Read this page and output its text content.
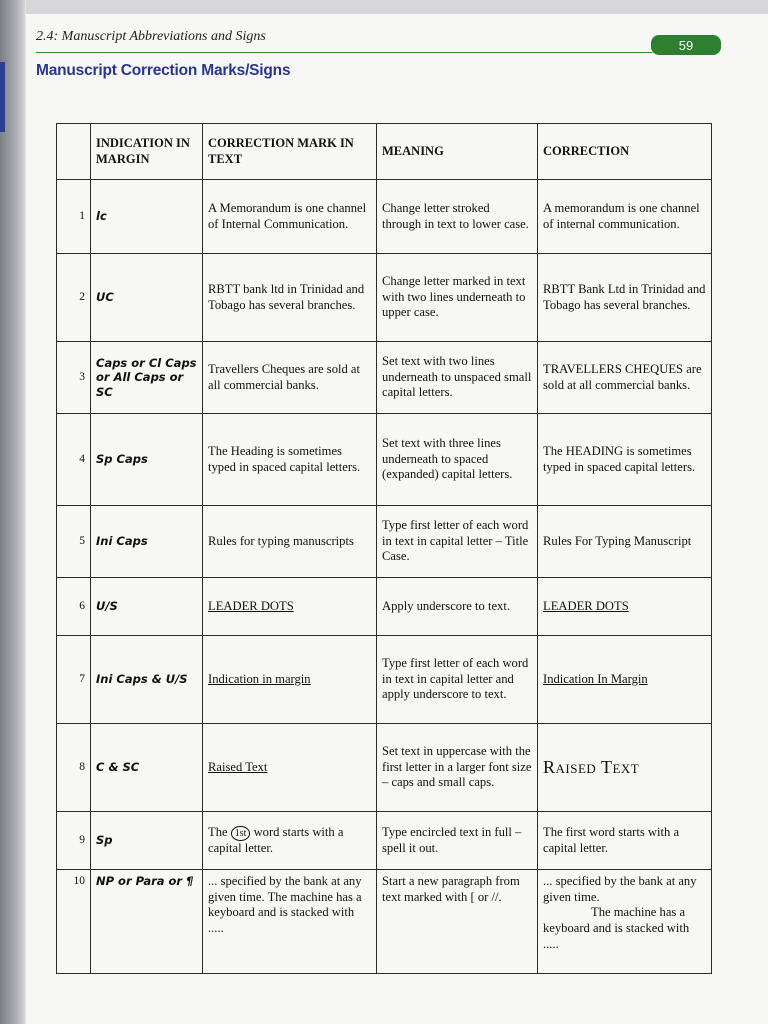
2.4: Manuscript Abbreviations and Signs
59
Manuscript Correction Marks/Signs
	INDICATION IN MARGIN	CORRECTION MARK IN TEXT	MEANING	CORRECTION
1	lc	A Memorandum is one channel of Internal Communication.	Change letter stroked through in text to lower case.	A memorandum is one channel of internal communication.
2	UC	RBTT bank ltd in Trinidad and Tobago has several branches.	Change letter marked in text with two lines underneath to upper case.	RBTT Bank Ltd in Trinidad and Tobago has several branches.
3	Caps or Cl Caps or All Caps or SC	Travellers Cheques are sold at all commercial banks.	Set text with two lines underneath to unspaced small capital letters.	TRAVELLERS CHEQUES are sold at all commercial banks.
4	Sp Caps	The Heading is sometimes typed in spaced capital letters.	Set text with three lines underneath to spaced (expanded) capital letters.	The HEADING is sometimes typed in spaced capital letters.
5	Ini Caps	Rules for typing manuscripts	Type first letter of each word in text in capital letter – Title Case.	Rules For Typing Manuscript
6	U/S	LEADER DOTS	Apply underscore to text.	LEADER DOTS
7	Ini Caps & U/S	Indication in margin	Type first letter of each word in text in capital letter and apply underscore to text.	Indication In Margin
8	C & SC	Raised Text	Set text in uppercase with the first letter in a larger font size – caps and small caps.	Raised Text
9	Sp	The 1st word starts with a capital letter.	Type encircled text in full – spell it out.	The first word starts with a capital letter.
10	NP or Para or ¶	... specified by the bank at any given time. The machine has a keyboard and is stacked with .....	Start a new paragraph from text marked with [ or //.	... specified by the bank at any given time.
The machine has a keyboard and is stacked with .....
